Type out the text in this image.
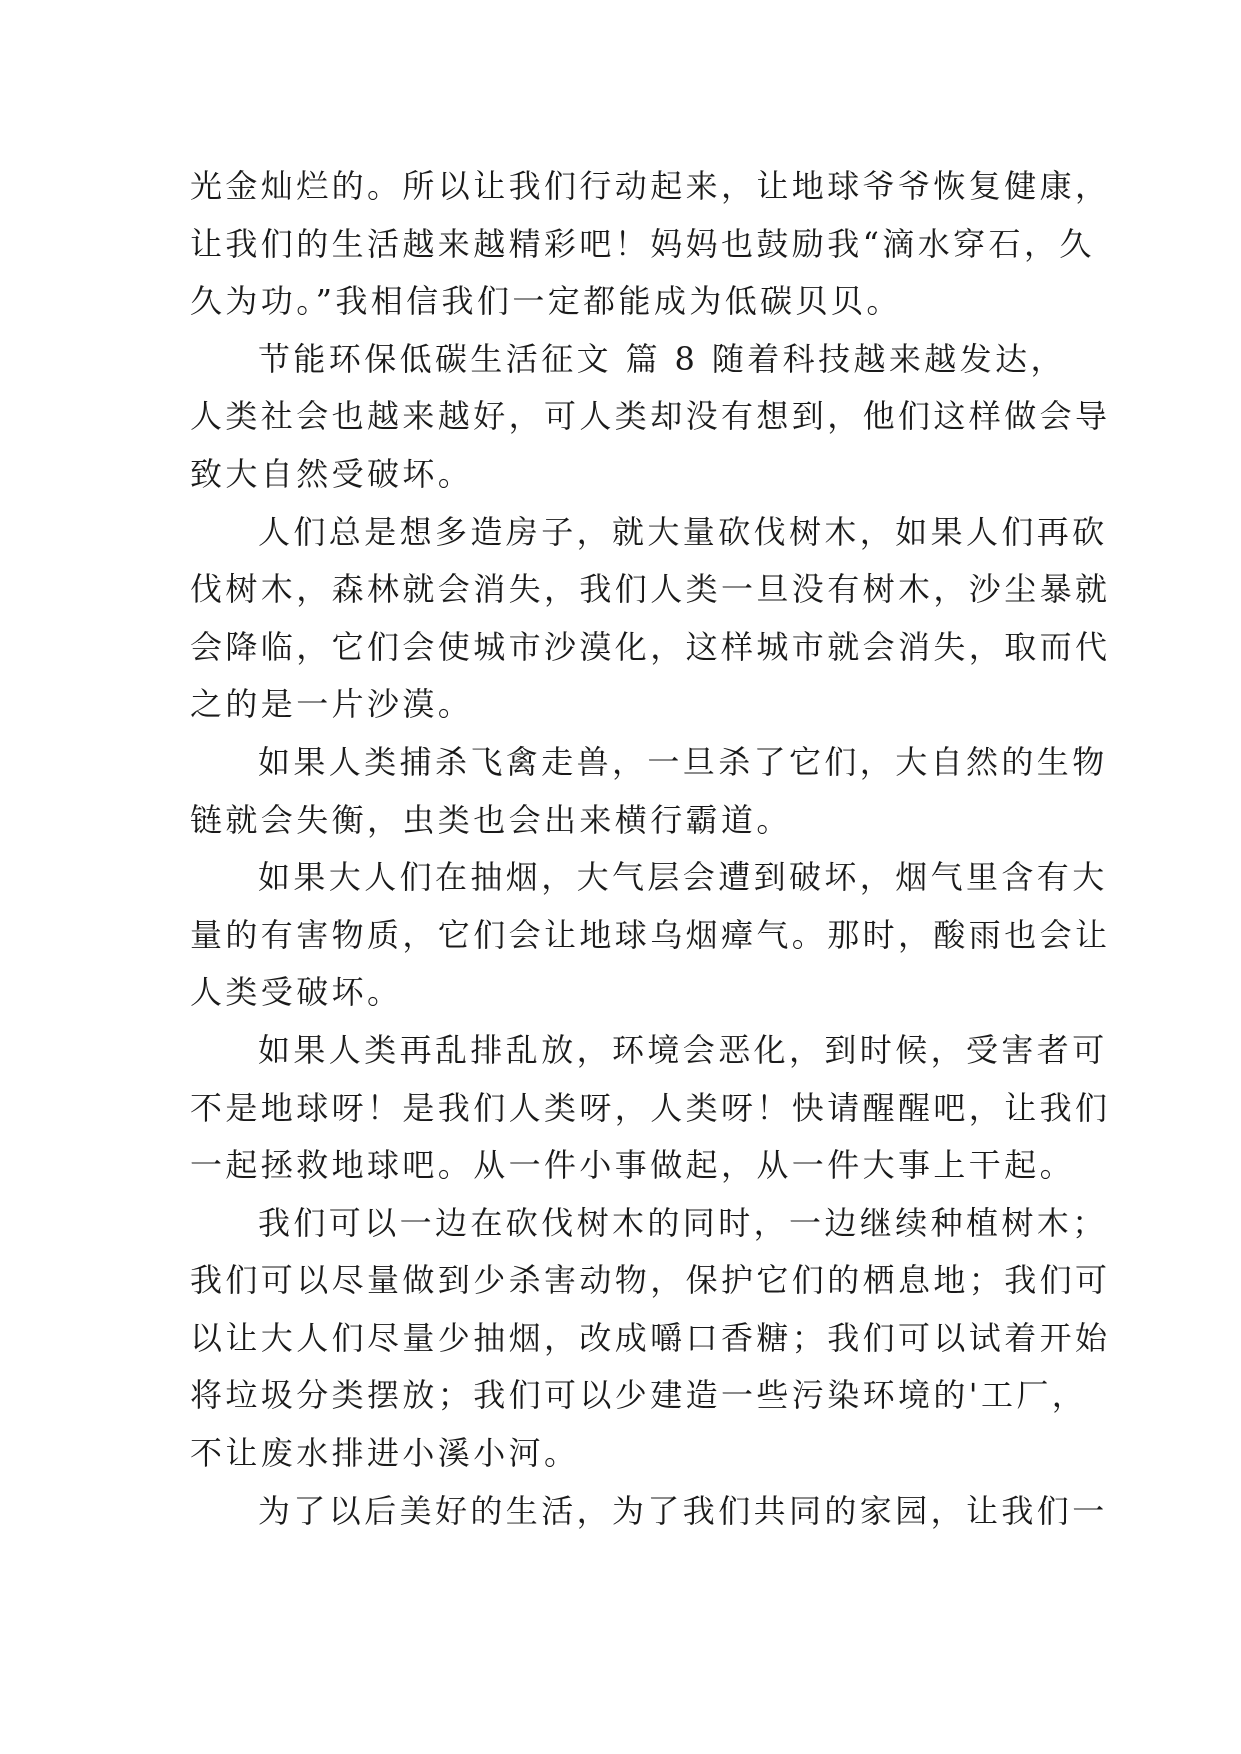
光金灿烂的。所以让我们行动起来，让地球爷爷恢复健康，
让我们的生活越来越精彩吧！妈妈也鼓励我“滴水穿石，久
久为功。”我相信我们一定都能成为低碳贝贝。
节能环保低碳生活征文 篇 8 随着科技越来越发达，
人类社会也越来越好，可人类却没有想到，他们这样做会导
致大自然受破坏。
人们总是想多造房子，就大量砍伐树木，如果人们再砍
伐树木，森林就会消失，我们人类一旦没有树木，沙尘暴就
会降临，它们会使城市沙漠化，这样城市就会消失，取而代
之的是一片沙漠。
如果人类捕杀飞禽走兽，一旦杀了它们，大自然的生物
链就会失衡，虫类也会出来横行霸道。
如果大人们在抽烟，大气层会遭到破坏，烟气里含有大
量的有害物质，它们会让地球乌烟瘴气。那时，酸雨也会让
人类受破坏。
如果人类再乱排乱放，环境会恶化，到时候，受害者可
不是地球呀！是我们人类呀，人类呀！快请醒醒吧，让我们
一起拯救地球吧。从一件小事做起，从一件大事上干起。
我们可以一边在砍伐树木的同时，一边继续种植树木；
我们可以尽量做到少杀害动物，保护它们的栖息地；我们可
以让大人们尽量少抽烟，改成嚼口香糖；我们可以试着开始
将垃圾分类摆放；我们可以少建造一些污染环境的'工厂，
不让废水排进小溪小河。
为了以后美好的生活，为了我们共同的家园，让我们一
